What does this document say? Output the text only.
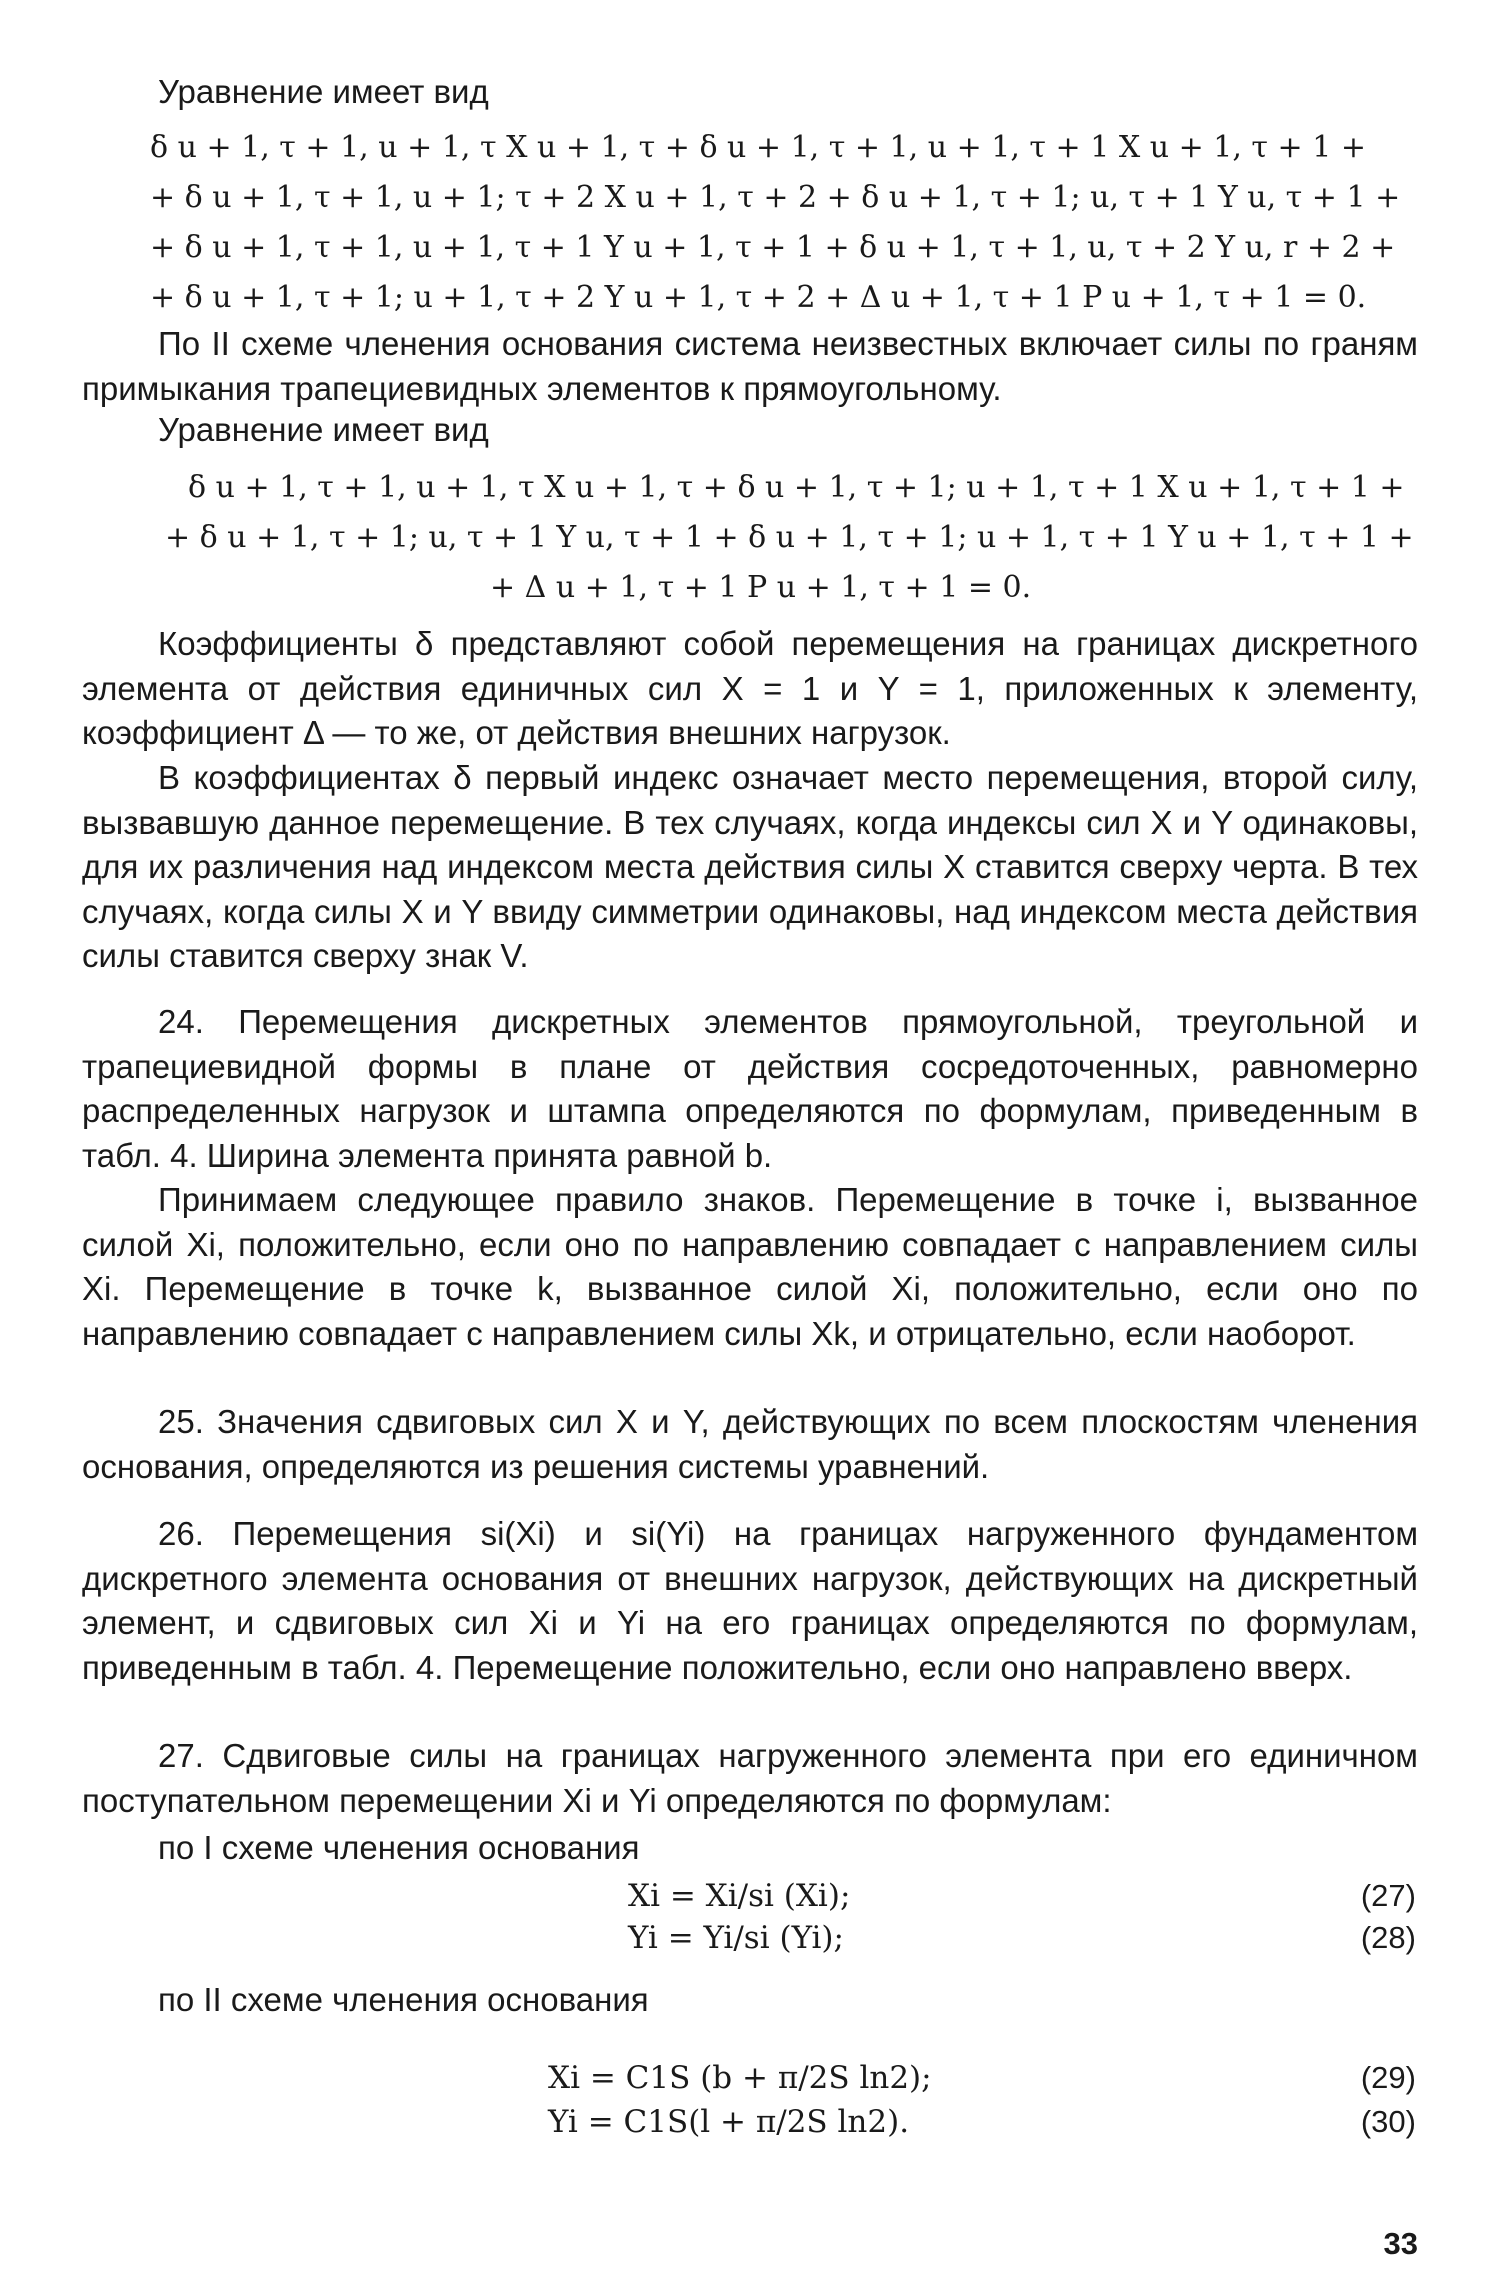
Уравнение имеет вид
δ u + 1, τ + 1, u + 1, τ X u + 1, τ + δ u + 1, τ + 1, u + 1, τ + 1 X u + 1, τ + 1 +
+ δ u + 1, τ + 1, u + 1; τ + 2 X u + 1, τ + 2 + δ u + 1, τ + 1; u, τ + 1 Y u, τ + 1 +
+ δ u + 1, τ + 1, u + 1, τ + 1 Y u + 1, τ + 1 + δ u + 1, τ + 1, u, τ + 2 Y u, r + 2 +
+ δ u + 1, τ + 1; u + 1, τ + 2 Y u + 1, τ + 2 + Δ u + 1, τ + 1 P u + 1, τ + 1 = 0.
По II схеме членения основания система неизвестных включает силы по граням примыкания трапециевидных элементов к прямоугольному.
Уравнение имеет вид
δ u + 1, τ + 1, u + 1, τ X u + 1, τ + δ u + 1, τ + 1; u + 1, τ + 1 X u + 1, τ + 1 +
+ δ u + 1, τ + 1; u, τ + 1 Y u, τ + 1 + δ u + 1, τ + 1; u + 1, τ + 1 Y u + 1, τ + 1 +
+ Δ u + 1, τ + 1 P u + 1, τ + 1 = 0.
Коэффициенты δ представляют собой перемещения на границах дискретного элемента от действия единичных сил X = 1 и Y = 1, приложенных к элементу, коэффициент Δ — то же, от действия внешних нагрузок.
В коэффициентах δ первый индекс означает место перемещения, второй силу, вызвавшую данное перемещение. В тех случаях, когда индексы сил X и Y одинаковы, для их различения над индексом места действия силы X ставится сверху черта. В тех случаях, когда силы X и Y ввиду симметрии одинаковы, над индексом места действия силы ставится сверху знак V.
24. Перемещения дискретных элементов прямоугольной, треугольной и трапециевидной формы в плане от действия сосредоточенных, равномерно распределенных нагрузок и штампа определяются по формулам, приведенным в табл. 4. Ширина элемента принята равной b.
Принимаем следующее правило знаков. Перемещение в точке i, вызванное силой Xi, положительно, если оно по направлению совпадает с направлением силы Xi. Перемещение в точке k, вызванное силой Xi, положительно, если оно по направлению совпадает с направлением силы Xk, и отрицательно, если наоборот.
25. Значения сдвиговых сил X и Y, действующих по всем плоскостям членения основания, определяются из решения системы уравнений.
26. Перемещения si(Xi) и si(Yi) на границах нагруженного фундаментом дискретного элемента основания от внешних нагрузок, действующих на дискретный элемент, и сдвиговых сил Xi и Yi на его границах определяются по формулам, приведенным в табл. 4. Перемещение положительно, если оно направлено вверх.
27. Сдвиговые силы на границах нагруженного элемента при его единичном поступательном перемещении Xi и Yi определяются по формулам:
по I схеме членения основания
Xi = Xi/si (Xi);	(27)
Yi = Yi/si (Yi);	(28)
по II схеме членения основания
Xi = C1S (b + π/2S ln2);	(29)
Yi = C1S(l + π/2S ln2).	(30)
33
